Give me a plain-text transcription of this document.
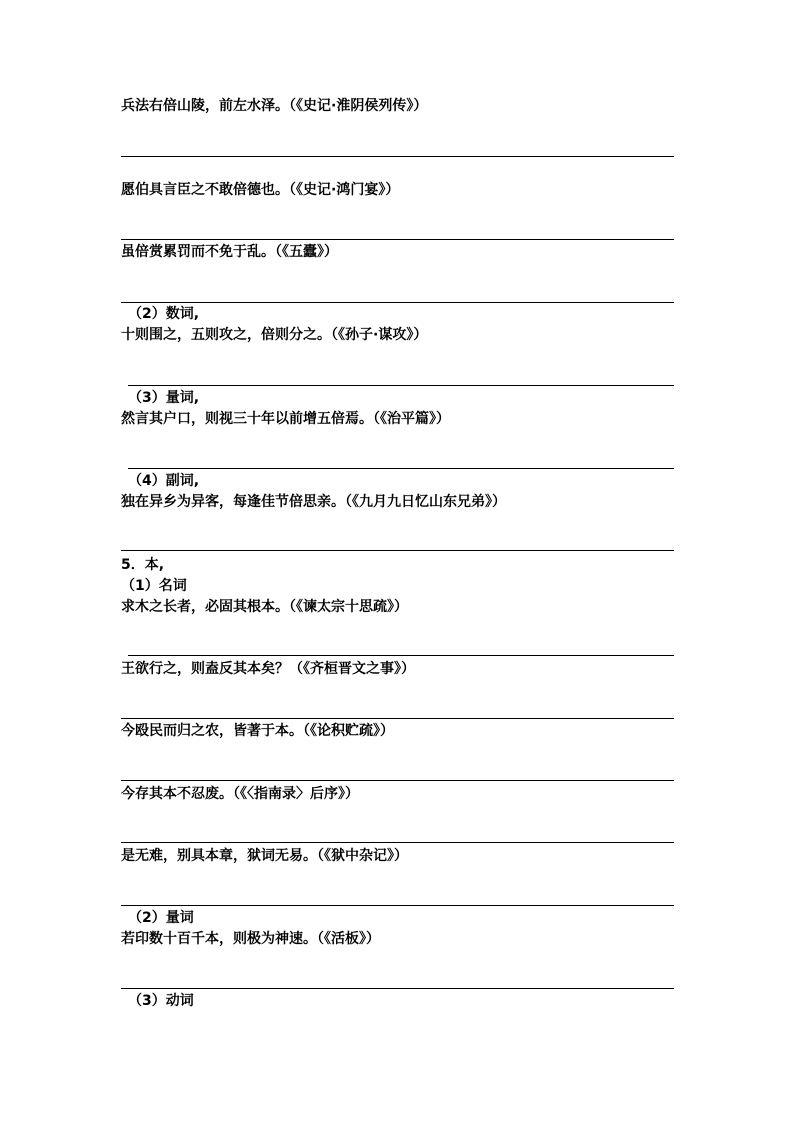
兵法右倍山陵，前左水泽。（《史记·淮阴侯列传》）
愿伯具言臣之不敢倍德也。（《史记·鸿门宴》）
虽倍赏累罚而不免于乱。（《五蠹》）
（2）数词,
十则围之，五则攻之，倍则分之。（《孙子·谋攻》）
（3）量词,
然言其户口，则视三十年以前增五倍焉。（《治平篇》）
（4）副词,
独在异乡为异客，每逢佳节倍思亲。（《九月九日忆山东兄弟》）
5．本,
（1）名词
求木之长者，必固其根本。（《谏太宗十思疏》）
王欲行之，则盍反其本矣？（《齐桓晋文之事》）
今殴民而归之农，皆著于本。（《论积贮疏》）
今存其本不忍废。（《〈指南录〉后序》）
是无难，别具本章，狱词无易。（《狱中杂记》）
（2）量词
若印数十百千本，则极为神速。（《活板》）
（3）动词
